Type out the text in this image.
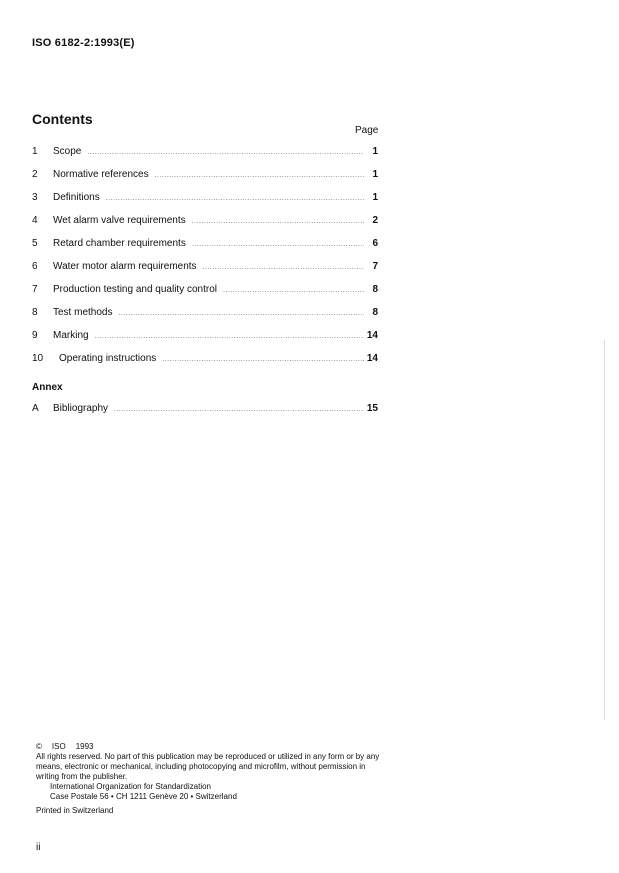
ISO 6182-2:1993(E)
Contents
Page
1	Scope .....	1
2	Normative references .....	1
3	Definitions .....	1
4	Wet alarm valve requirements .....	2
5	Retard chamber requirements .....	6
6	Water motor alarm requirements .....	7
7	Production testing and quality control .....	8
8	Test methods .....	8
9	Marking .....	14
10	Operating instructions .....	14
Annex
A	Bibliography .....	15

© ISO 1993

All rights reserved. No part of this publication may be reproduced or utilized in any form or by any means, electronic or mechanical, including photocopying and microfilm, without permission in writing from the publisher.

International Organization for Standardization

Case Postale 56 • CH 1211 Genève 20 • Switzerland

Printed in Switzerland

ii
